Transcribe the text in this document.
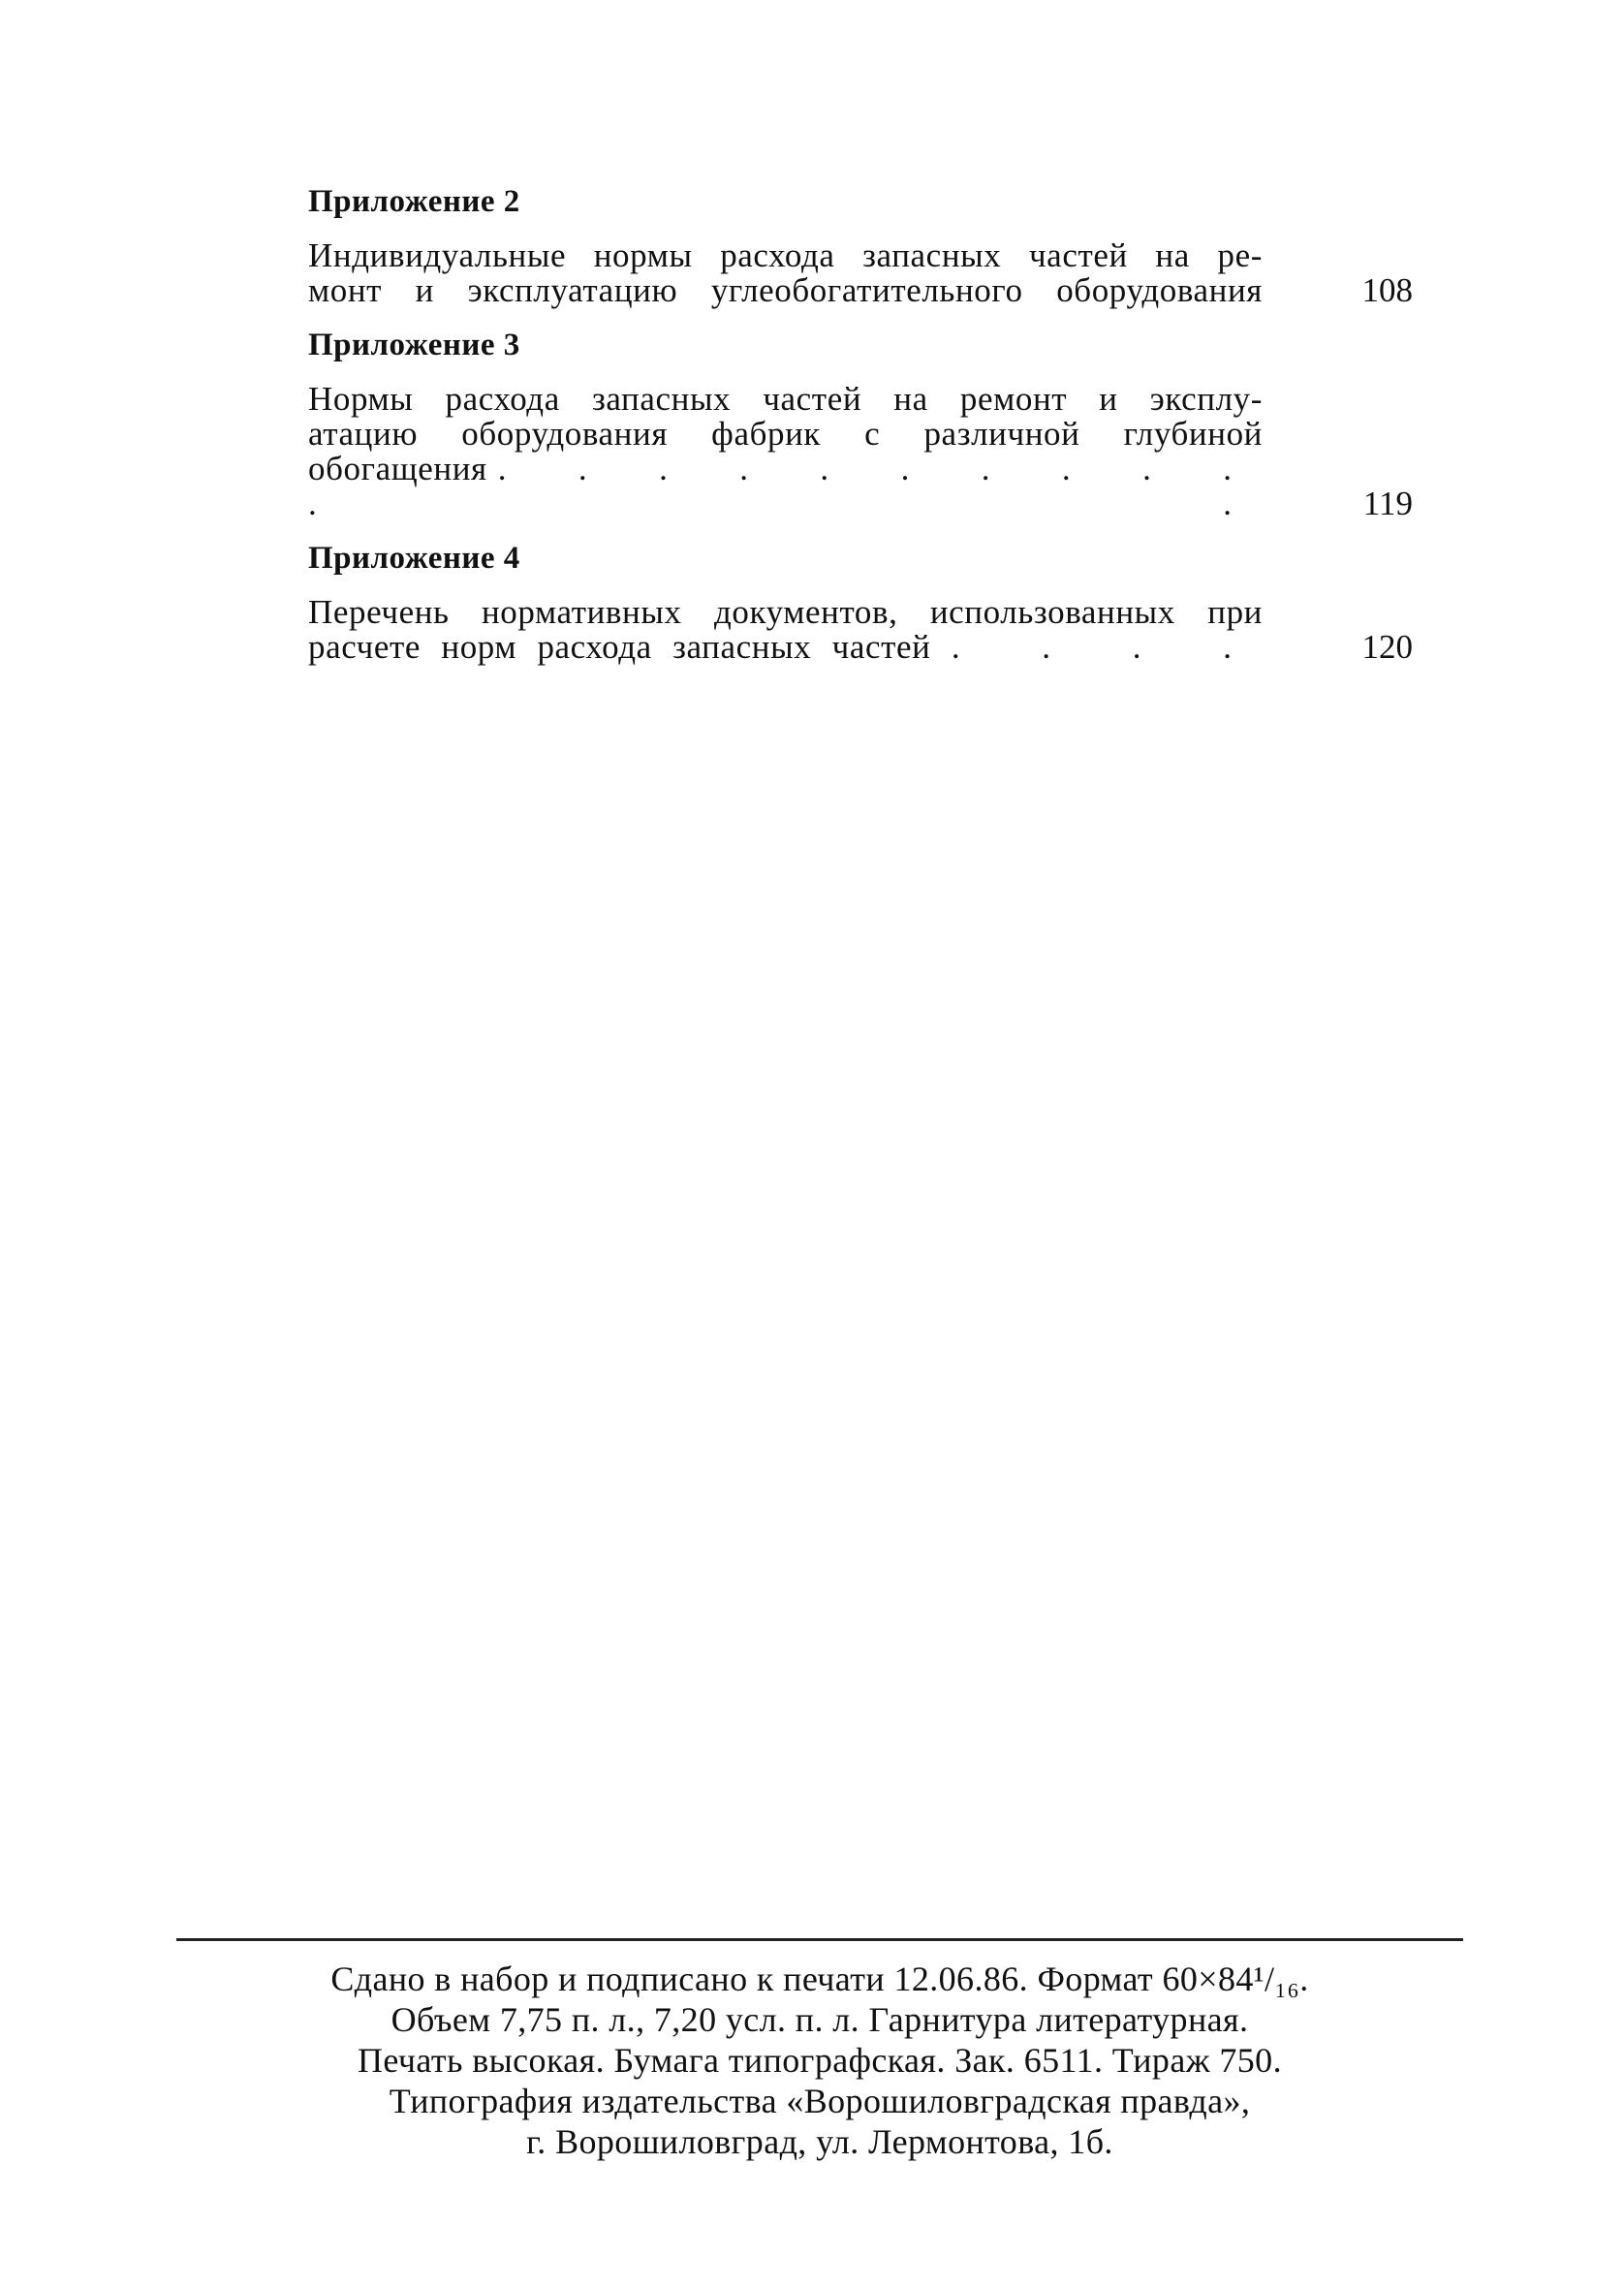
Приложение 2
Индивидуальные нормы расхода запасных частей на ре-
монт и эксплуатацию углеобогатительного оборудования	108
Приложение 3
Нормы расхода запасных частей на ремонт и эксплу-
атацию оборудования фабрик с различной глубиной
обогащения . . . . . . . . . . . .	119
Приложение 4
Перечень нормативных документов, использованных при
расчете норм расхода запасных частей . . . .	120

Сдано в набор и подписано к печати 12.06.86. Формат 60×84¹/₁₆.

Объем 7,75 п. л., 7,20 усл. п. л. Гарнитура литературная.

Печать высокая. Бумага типографская. Зак. 6511. Тираж 750.

Типография издательства «Ворошиловградская правда»,

г. Ворошиловград, ул. Лермонтова, 1б.
